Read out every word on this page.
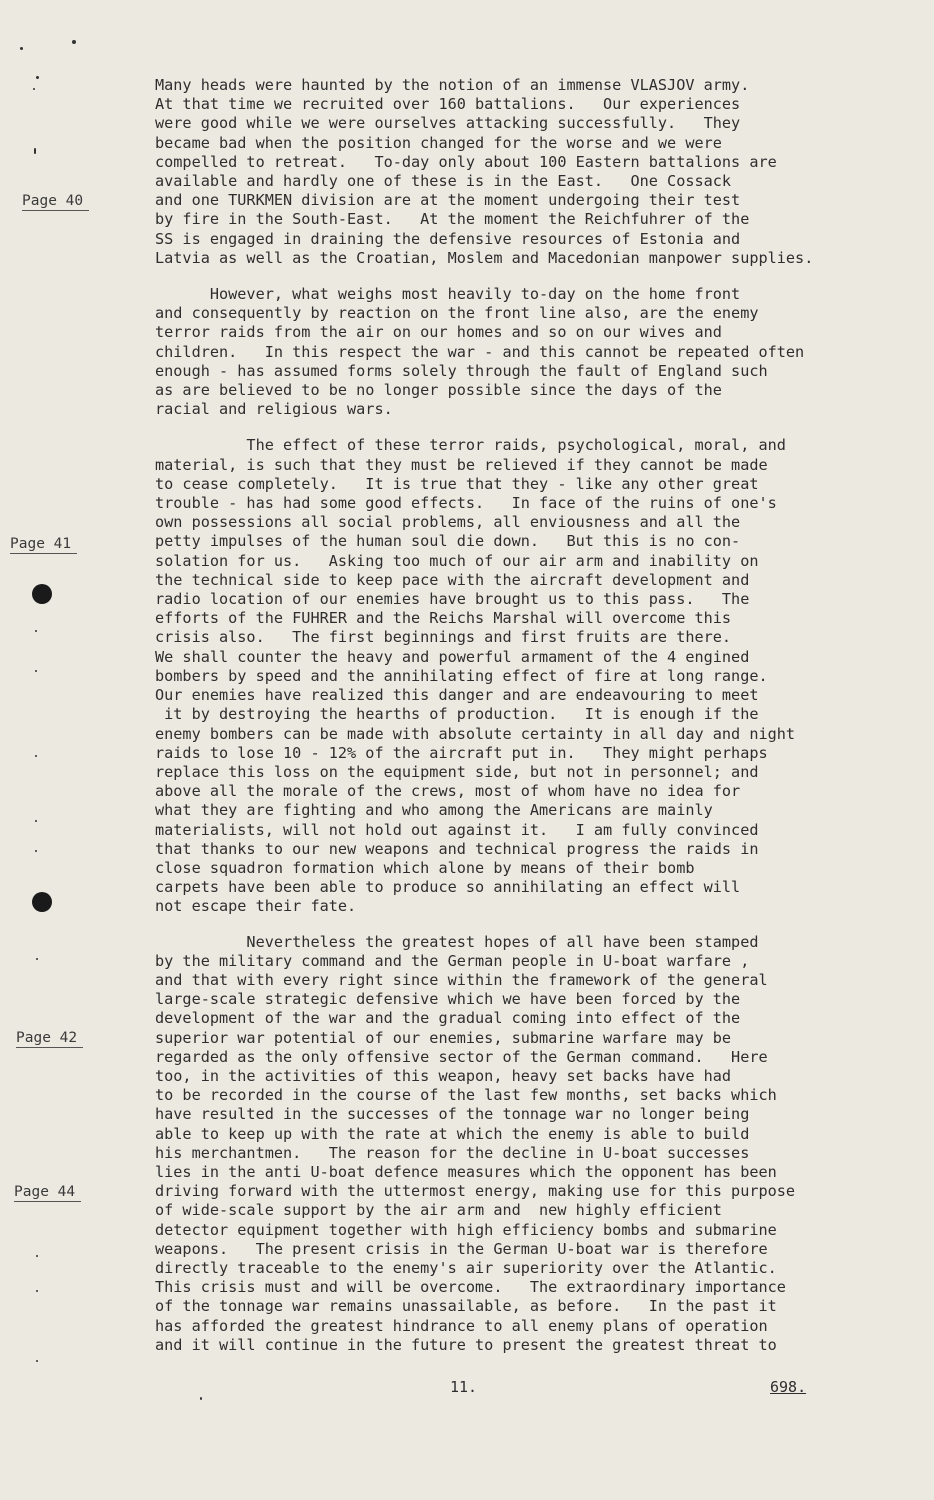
Page 40
Page 41
Page 42
Page 44
Many heads were haunted by the notion of an immense VLASJOV army.
At that time we recruited over 160 battalions.   Our experiences
were good while we were ourselves attacking successfully.   They
became bad when the position changed for the worse and we were
compelled to retreat.   To-day only about 100 Eastern battalions are
available and hardly one of these is in the East.   One Cossack
and one TURKMEN division are at the moment undergoing their test
by fire in the South-East.   At the moment the Reichfuhrer of the
SS is engaged in draining the defensive resources of Estonia and
Latvia as well as the Croatian, Moslem and Macedonian manpower supplies.
However, what weighs most heavily to-day on the home front
and consequently by reaction on the front line also, are the enemy
terror raids from the air on our homes and so on our wives and
children.   In this respect the war - and this cannot be repeated often
enough - has assumed forms solely through the fault of England such
as are believed to be no longer possible since the days of the
racial and religious wars.
The effect of these terror raids, psychological, moral, and
material, is such that they must be relieved if they cannot be made
to cease completely.   It is true that they - like any other great
trouble - has had some good effects.   In face of the ruins of one's
own possessions all social problems, all enviousness and all the
petty impulses of the human soul die down.   But this is no con-
solation for us.   Asking too much of our air arm and inability on
the technical side to keep pace with the aircraft development and
radio location of our enemies have brought us to this pass.   The
efforts of the FUHRER and the Reichs Marshal will overcome this
crisis also.   The first beginnings and first fruits are there.
We shall counter the heavy and powerful armament of the 4 engined
bombers by speed and the annihilating effect of fire at long range.
Our enemies have realized this danger and are endeavouring to meet
it by destroying the hearths of production.   It is enough if the
enemy bombers can be made with absolute certainty in all day and night
raids to lose 10 - 12% of the aircraft put in.   They might perhaps
replace this loss on the equipment side, but not in personnel; and
above all the morale of the crews, most of whom have no idea for
what they are fighting and who among the Americans are mainly
materialists, will not hold out against it.   I am fully convinced
that thanks to our new weapons and technical progress the raids in
close squadron formation which alone by means of their bomb
carpets have been able to produce so annihilating an effect will
not escape their fate.
Nevertheless the greatest hopes of all have been stamped
by the military command and the German people in U-boat warfare ,
and that with every right since within the framework of the general
large-scale strategic defensive which we have been forced by the
development of the war and the gradual coming into effect of the
superior war potential of our enemies, submarine warfare may be
regarded as the only offensive sector of the German command.   Here
too, in the activities of this weapon, heavy set backs have had
to be recorded in the course of the last few months, set backs which
have resulted in the successes of the tonnage war no longer being
able to keep up with the rate at which the enemy is able to build
his merchantmen.   The reason for the decline in U-boat successes
lies in the anti U-boat defence measures which the opponent has been
driving forward with the uttermost energy, making use for this purpose
of wide-scale support by the air arm and  new highly efficient
detector equipment together with high efficiency bombs and submarine
weapons.   The present crisis in the German U-boat war is therefore
directly traceable to the enemy's air superiority over the Atlantic.
This crisis must and will be overcome.   The extraordinary importance
of the tonnage war remains unassailable, as before.   In the past it
has afforded the greatest hindrance to all enemy plans of operation
and it will continue in the future to present the greatest threat to
11.	698.
